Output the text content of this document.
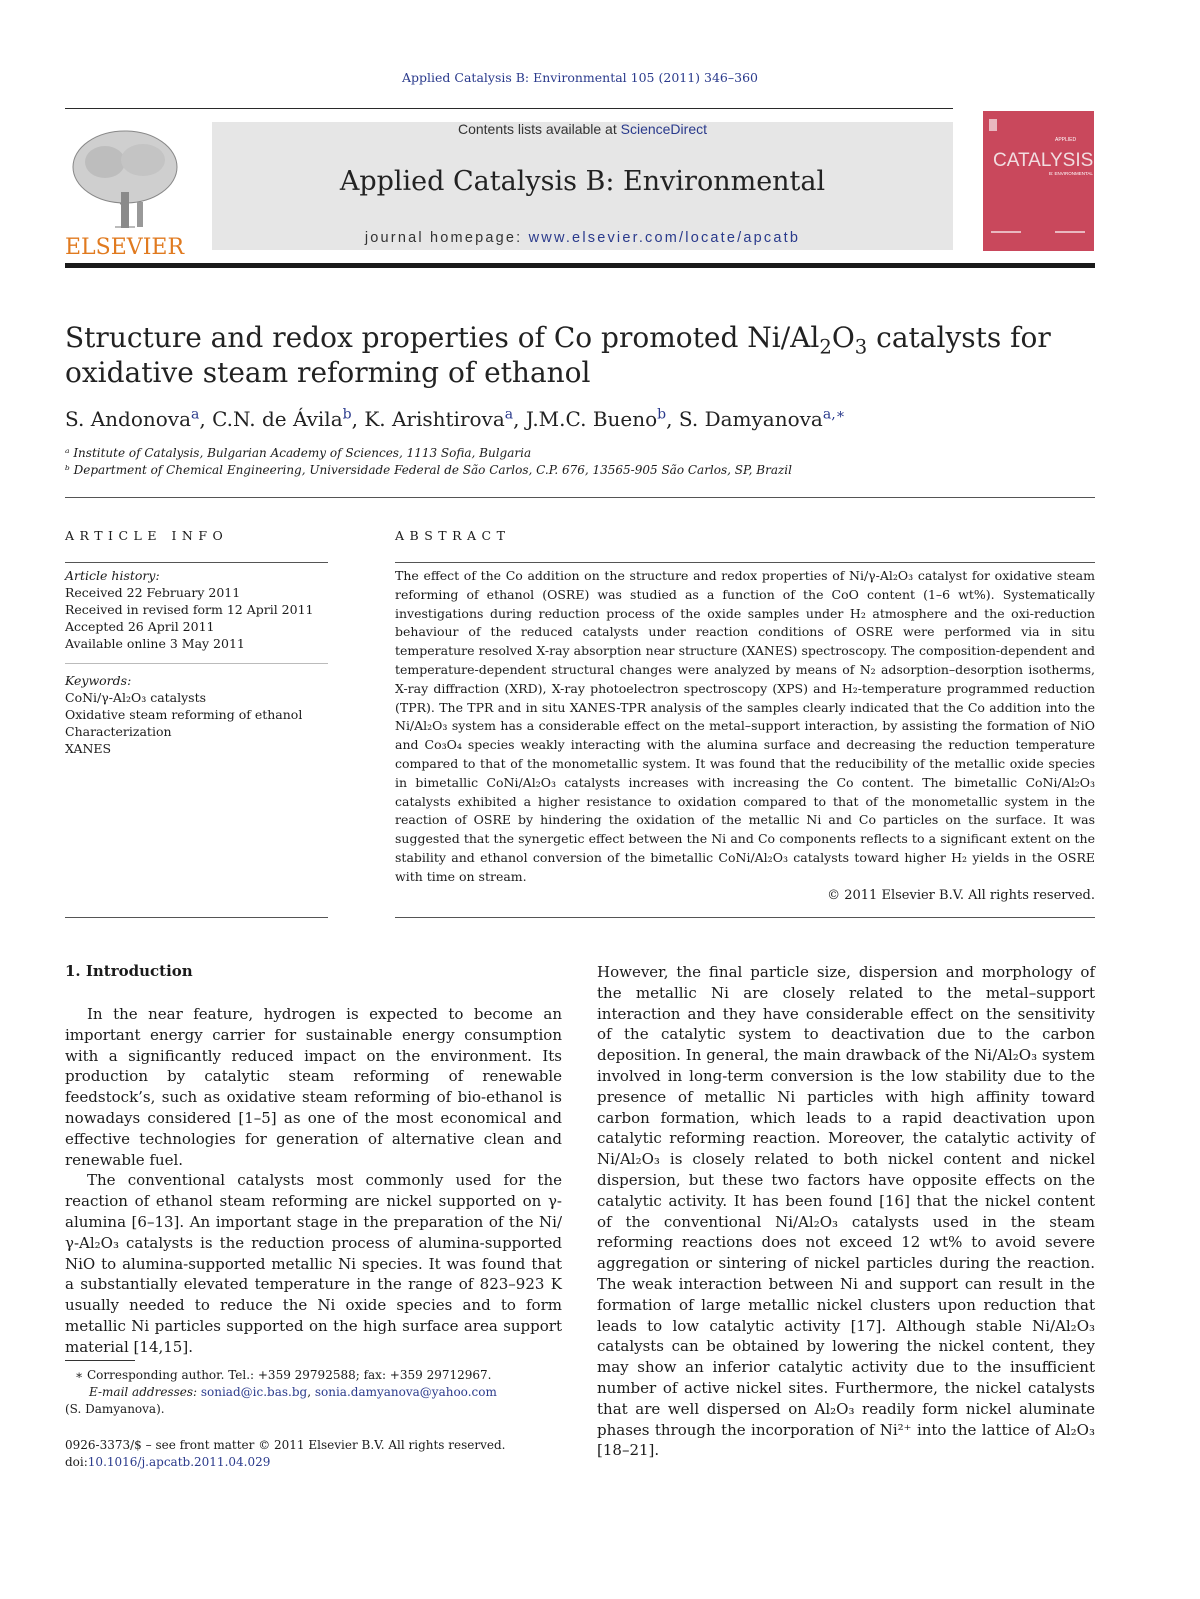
Applied Catalysis B: Environmental 105 (2011) 346–360
ELSEVIER
Contents lists available at ScienceDirect
Applied Catalysis B: Environmental
journal homepage: www.elsevier.com/locate/apcatb
APPLIED
CATALYSIS
B: ENVIRONMENTAL
Structure and redox properties of Co promoted $Ni/Al_2O_3$ catalysts for oxidative steam reforming of ethanol
S. Andonova$^a$, C.N. de Ávila$^b$, K. Arishtirova$^a$, J.M.C. Bueno$^b$, S. Damyanova$^{a,∗}$
ᵃ Institute of Catalysis, Bulgarian Academy of Sciences, 1113 Sofia, Bulgaria
ᵇ Department of Chemical Engineering, Universidade Federal de São Carlos, C.P. 676, 13565-905 São Carlos, SP, Brazil
ARTICLE INFO	ABSTRACT
Article history:
Received 22 February 2011
Received in revised form 12 April 2011
Accepted 26 April 2011
Available online 3 May 2011
Keywords:
CoNi/γ-Al₂O₃ catalysts
Oxidative steam reforming of ethanol
Characterization
XANES
The effect of the Co addition on the structure and redox properties of Ni/γ-Al₂O₃ catalyst for oxidative steam reforming of ethanol (OSRE) was studied as a function of the CoO content (1–6 wt%). Systematically investigations during reduction process of the oxide samples under H₂ atmosphere and the oxi-reduction behaviour of the reduced catalysts under reaction conditions of OSRE were performed via in situ temperature resolved X-ray absorption near structure (XANES) spectroscopy. The composition-dependent and temperature-dependent structural changes were analyzed by means of N₂ adsorption–desorption isotherms, X-ray diffraction (XRD), X-ray photoelectron spectroscopy (XPS) and H₂-temperature programmed reduction (TPR). The TPR and in situ XANES-TPR analysis of the samples clearly indicated that the Co addition into the Ni/Al₂O₃ system has a considerable effect on the metal–support interaction, by assisting the formation of NiO and Co₃O₄ species weakly interacting with the alumina surface and decreasing the reduction temperature compared to that of the monometallic system. It was found that the reducibility of the metallic oxide species in bimetallic CoNi/Al₂O₃ catalysts increases with increasing the Co content. The bimetallic CoNi/Al₂O₃ catalysts exhibited a higher resistance to oxidation compared to that of the monometallic system in the reaction of OSRE by hindering the oxidation of the metallic Ni and Co particles on the surface. It was suggested that the synergetic effect between the Ni and Co components reflects to a significant extent on the stability and ethanol conversion of the bimetallic CoNi/Al₂O₃ catalysts toward higher H₂ yields in the OSRE with time on stream.
© 2011 Elsevier B.V. All rights reserved.
1. Introduction

In the near feature, hydrogen is expected to become an important energy carrier for sustainable energy consumption with a significantly reduced impact on the environment. Its production by catalytic steam reforming of renewable feedstock’s, such as oxidative steam reforming of bio-ethanol is nowadays considered [1–5] as one of the most economical and effective technologies for generation of alternative clean and renewable fuel.

The conventional catalysts most commonly used for the reaction of ethanol steam reforming are nickel supported on γ-alumina [6–13]. An important stage in the preparation of the Ni/γ-Al₂O₃ catalysts is the reduction process of alumina-supported NiO to alumina-supported metallic Ni species. It was found that a substantially elevated temperature in the range of 823–923 K usually needed to reduce the Ni oxide species and to form metallic Ni particles supported on the high surface area support material [14,15].

However, the final particle size, dispersion and morphology of the metallic Ni are closely related to the metal–support interaction and they have considerable effect on the sensitivity of the catalytic system to deactivation due to the carbon deposition. In general, the main drawback of the Ni/Al₂O₃ system involved in long-term conversion is the low stability due to the presence of metallic Ni particles with high affinity toward carbon formation, which leads to a rapid deactivation upon catalytic reforming reaction. Moreover, the catalytic activity of Ni/Al₂O₃ is closely related to both nickel content and nickel dispersion, but these two factors have opposite effects on the catalytic activity. It has been found [16] that the nickel content of the conventional Ni/Al₂O₃ catalysts used in the steam reforming reactions does not exceed 12 wt% to avoid severe aggregation or sintering of nickel particles during the reaction. The weak interaction between Ni and support can result in the formation of large metallic nickel clusters upon reduction that leads to low catalytic activity [17]. Although stable Ni/Al₂O₃ catalysts can be obtained by lowering the nickel content, they may show an inferior catalytic activity due to the insufficient number of active nickel sites. Furthermore, the nickel catalysts that are well dispersed on Al₂O₃ readily form nickel aluminate phases through the incorporation of Ni²⁺ into the lattice of Al₂O₃ [18–21].

∗ Corresponding author. Tel.: +359 29792588; fax: +359 29712967.
E-mail addresses: soniad@ic.bas.bg, sonia.damyanova@yahoo.com
(S. Damyanova).
0926-3373/$ – see front matter © 2011 Elsevier B.V. All rights reserved.
doi:10.1016/j.apcatb.2011.04.029
